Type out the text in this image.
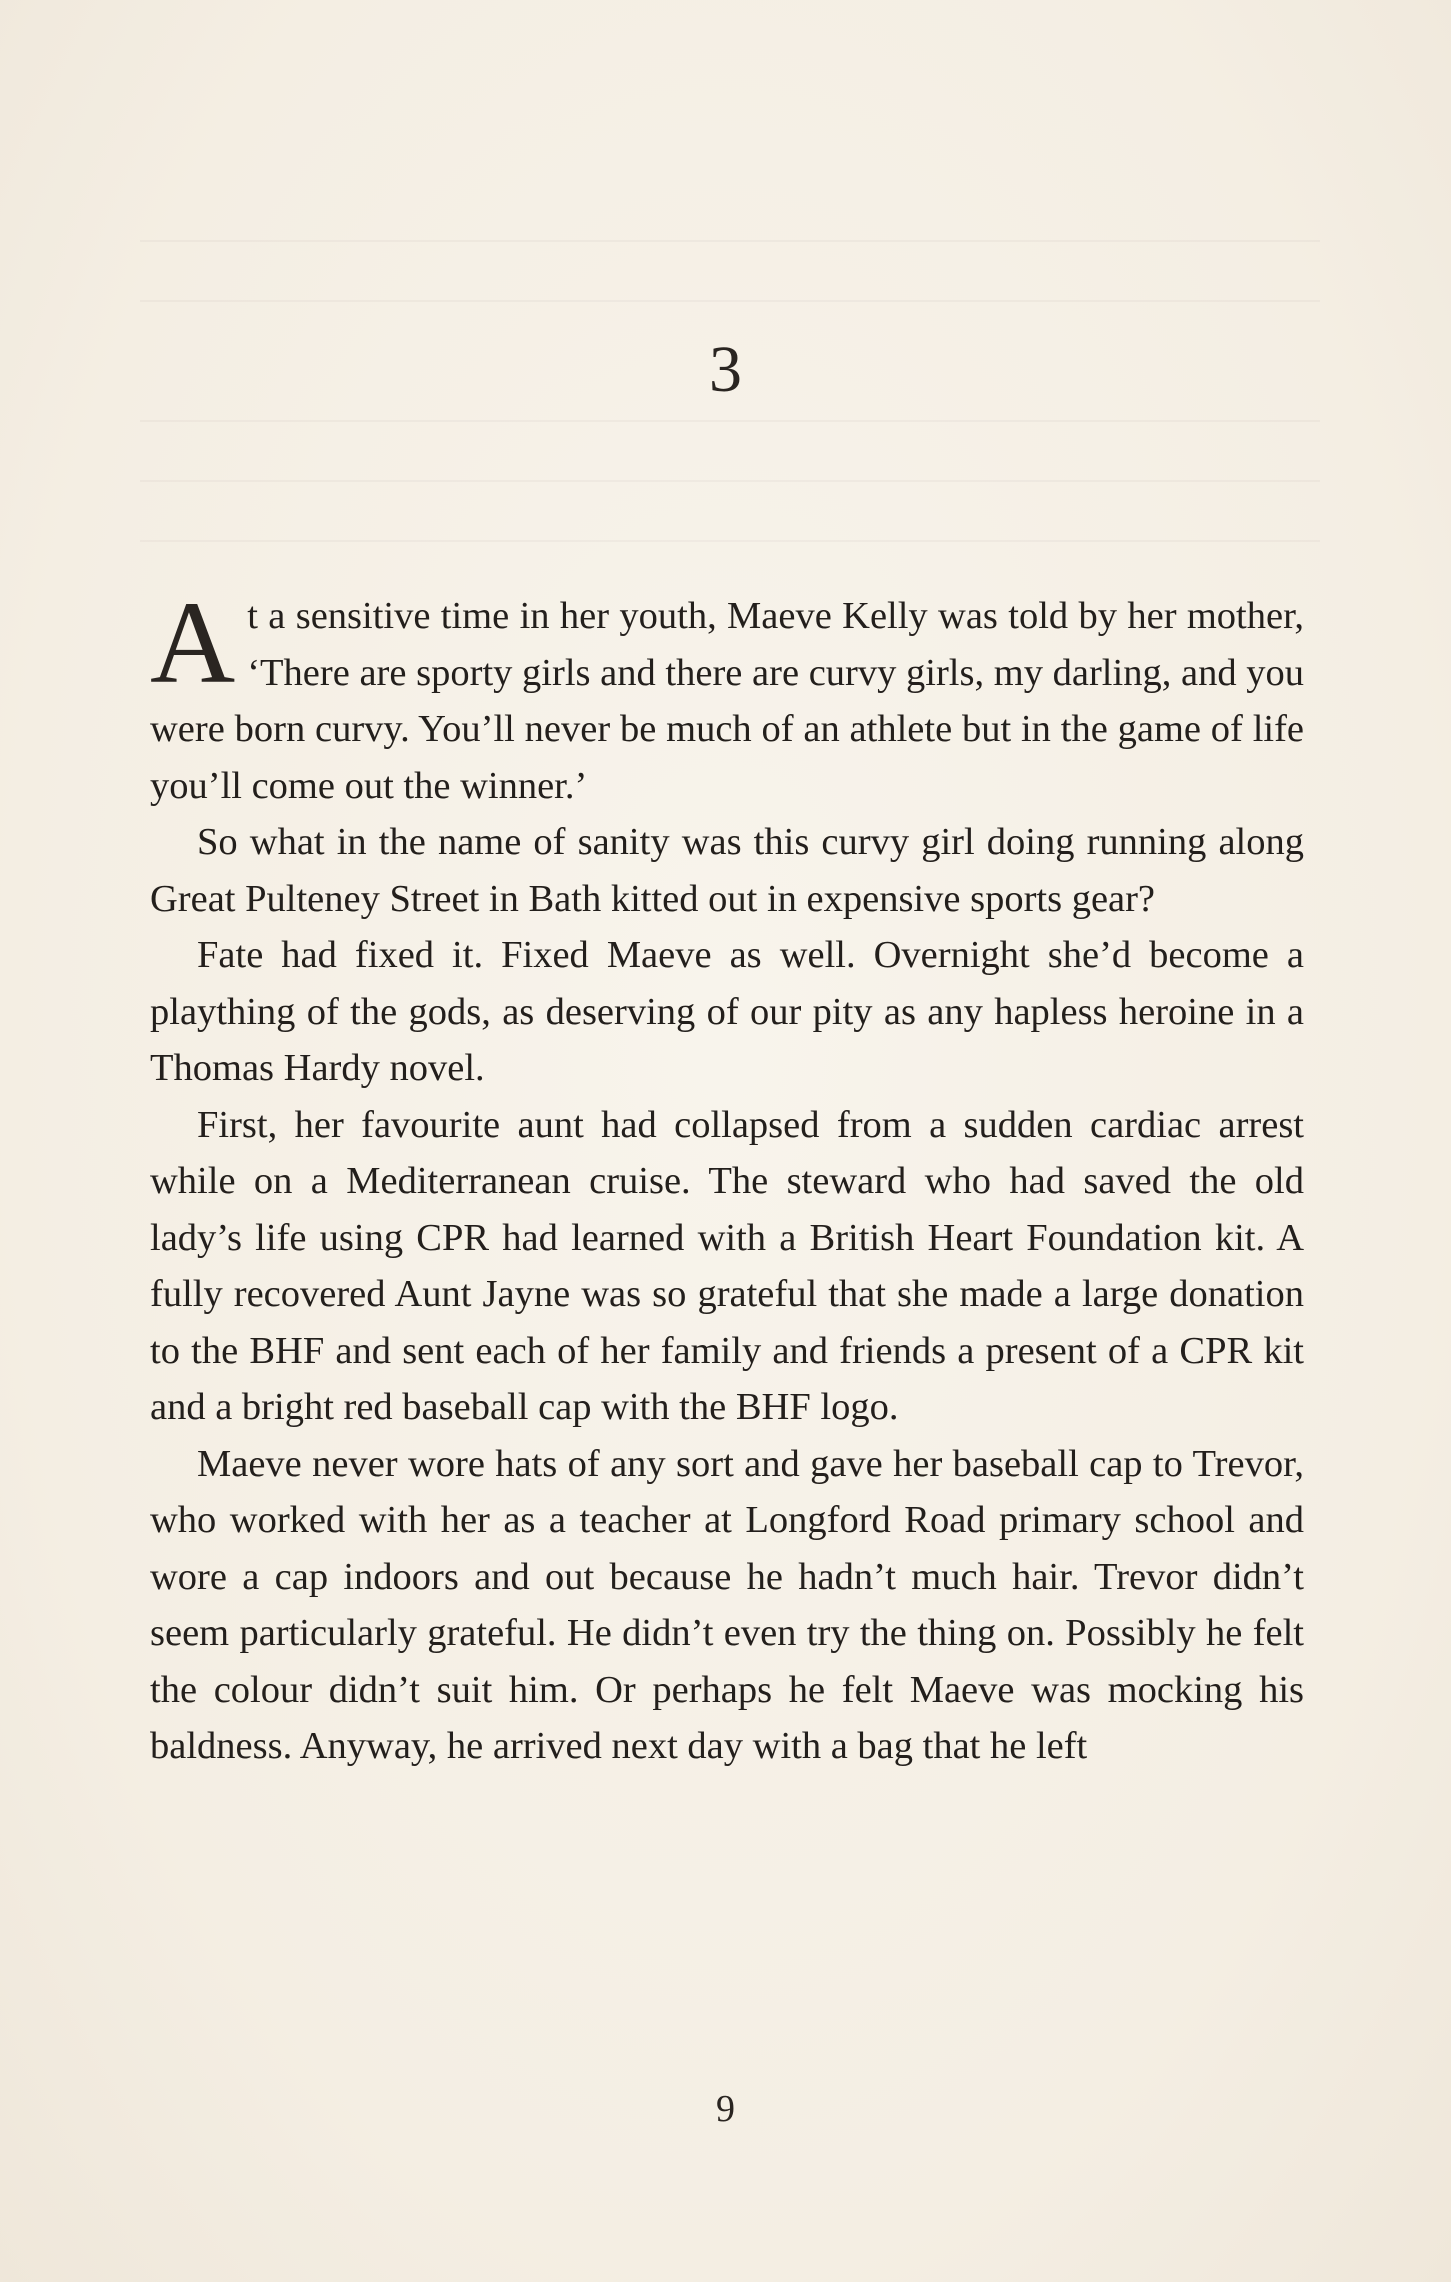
3

At a sensitive time in her youth, Maeve Kelly was told by her mother, ‘There are sporty girls and there are curvy girls, my darling, and you were born curvy. You’ll never be much of an athlete but in the game of life you’ll come out the winner.’

So what in the name of sanity was this curvy girl doing running along Great Pulteney Street in Bath kitted out in expensive sports gear?

Fate had fixed it. Fixed Maeve as well. Overnight she’d become a plaything of the gods, as deserving of our pity as any hapless heroine in a Thomas Hardy novel.

First, her favourite aunt had collapsed from a sudden cardiac arrest while on a Mediterranean cruise. The steward who had saved the old lady’s life using CPR had learned with a British Heart Foundation kit. A fully recovered Aunt Jayne was so grateful that she made a large donation to the BHF and sent each of her family and friends a present of a CPR kit and a bright red baseball cap with the BHF logo.

Maeve never wore hats of any sort and gave her baseball cap to Trevor, who worked with her as a teacher at Longford Road primary school and wore a cap indoors and out because he hadn’t much hair. Trevor didn’t seem particularly grateful. He didn’t even try the thing on. Possibly he felt the colour didn’t suit him. Or perhaps he felt Maeve was mocking his baldness. Anyway, he arrived next day with a bag that he left

9
